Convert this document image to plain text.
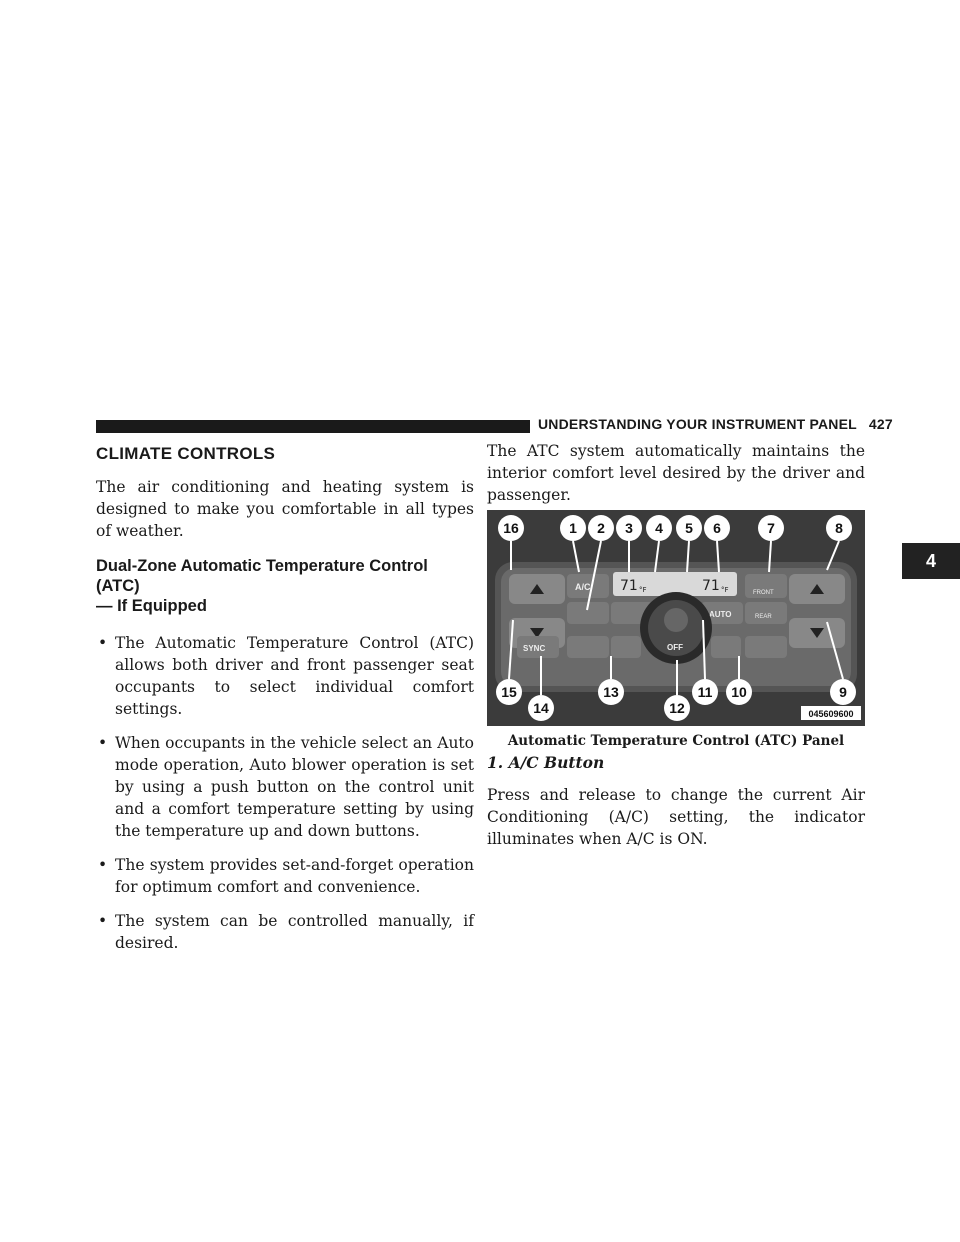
UNDERSTANDING YOUR INSTRUMENT PANEL 427
4
CLIMATE CONTROLS

The air conditioning and heating system is designed to make you comfortable in all types of weather.

Dual-Zone Automatic Temperature Control (ATC)
— If Equipped
• The Automatic Temperature Control (ATC) allows both driver and front passenger seat occupants to select individual comfort settings.
• When occupants in the vehicle select an Auto mode operation, Auto blower operation is set by using a push button on the control unit and a comfort temperature setting by using the temperature up and down buttons.
• The system provides set-and-forget operation for optimum comfort and convenience.
• The system can be controlled manually, if desired.

The ATC system automatically maintains the interior comfort level desired by the driver and passenger.

71 °F	71 °F
A/C
FRONT
REAR
AUTO
OFF
SYNC
16	1 2 3 4 5 6	7	8
15
14
13
12
11 10	9
045609600

Automatic Temperature Control (ATC) Panel

1. A/C Button

Press and release to change the current Air Conditioning (A/C) setting, the indicator illuminates when A/C is ON.
